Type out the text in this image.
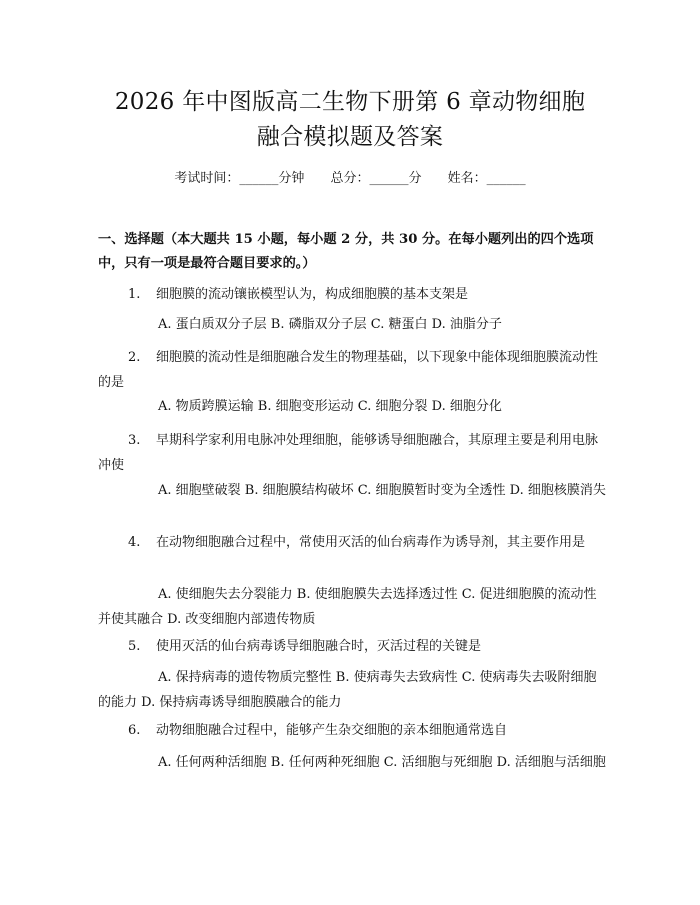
2026 年中图版高二生物下册第 6 章动物细胞
融合模拟题及答案
考试时间：______分钟 总分：______分 姓名：______
一、选择题（本大题共 15 小题，每小题 2 分，共 30 分。在每小题列出的四个选项中，只有一项是最符合题目要求的。）
1. 细胞膜的流动镶嵌模型认为，构成细胞膜的基本支架是
A. 蛋白质双分子层 B. 磷脂双分子层 C. 糖蛋白 D. 油脂分子
2. 细胞膜的流动性是细胞融合发生的物理基础，以下现象中能体现细胞膜流动性的是
A. 物质跨膜运输 B. 细胞变形运动 C. 细胞分裂 D. 细胞分化
3. 早期科学家利用电脉冲处理细胞，能够诱导细胞融合，其原理主要是利用电脉冲使
A. 细胞壁破裂 B. 细胞膜结构破坏 C. 细胞膜暂时变为全透性 D. 细胞核膜消失
4. 在动物细胞融合过程中，常使用灭活的仙台病毒作为诱导剂，其主要作用是
A. 使细胞失去分裂能力 B. 使细胞膜失去选择透过性 C. 促进细胞膜的流动性并使其融合 D. 改变细胞内部遗传物质
5. 使用灭活的仙台病毒诱导细胞融合时，灭活过程的关键是
A. 保持病毒的遗传物质完整性 B. 使病毒失去致病性 C. 使病毒失去吸附细胞的能力 D. 保持病毒诱导细胞膜融合的能力
6. 动物细胞融合过程中，能够产生杂交细胞的亲本细胞通常选自
A. 任何两种活细胞 B. 任何两种死细胞 C. 活细胞与死细胞 D. 活细胞与活细胞
